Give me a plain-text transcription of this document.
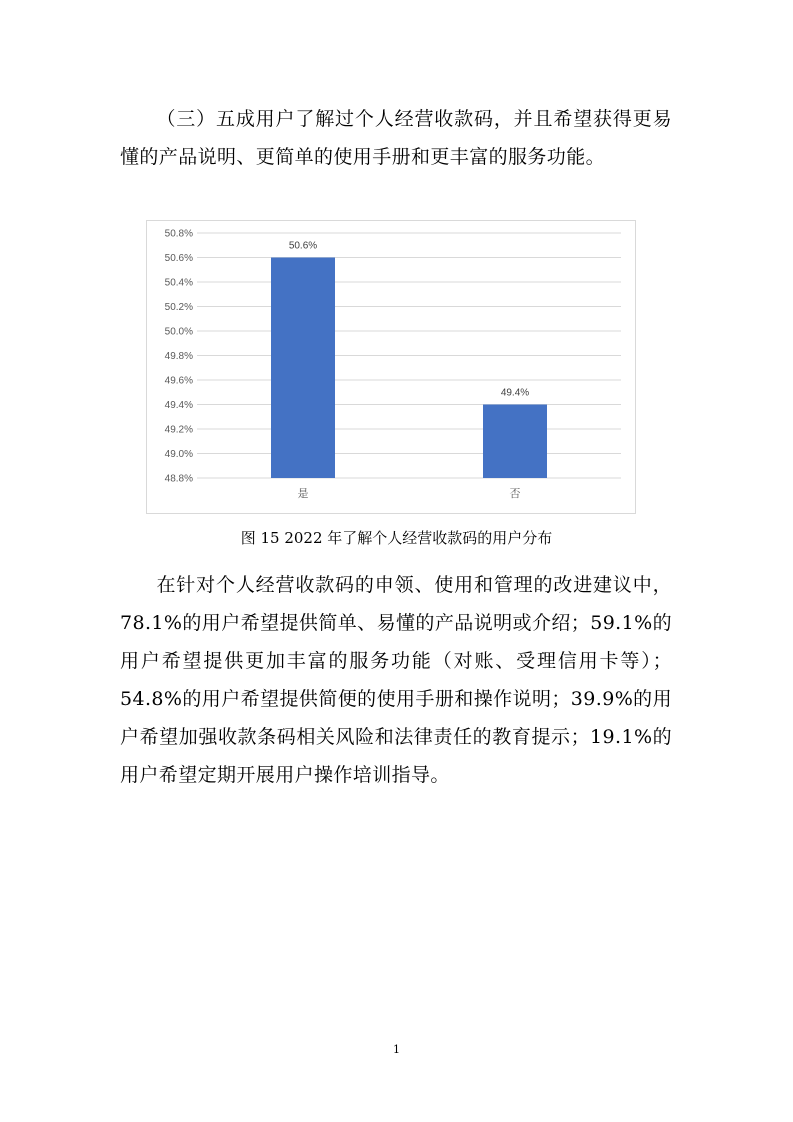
（三）五成用户了解过个人经营收款码，并且希望获得更易懂的产品说明、更简单的使用手册和更丰富的服务功能。
48.8%
49.0%
49.2%
49.4%
49.6%
49.8%
50.0%
50.2%
50.4%
50.6%
50.8%
50.6%
是
49.4%
否
图 15 2022 年了解个人经营收款码的用户分布
在针对个人经营收款码的申领、使用和管理的改进建议中，78.1%的用户希望提供简单、易懂的产品说明或介绍；59.1%的用户希望提供更加丰富的服务功能（对账、受理信用卡等）；54.8%的用户希望提供简便的使用手册和操作说明；39.9%的用户希望加强收款条码相关风险和法律责任的教育提示；19.1%的用户希望定期开展用户操作培训指导。
1
